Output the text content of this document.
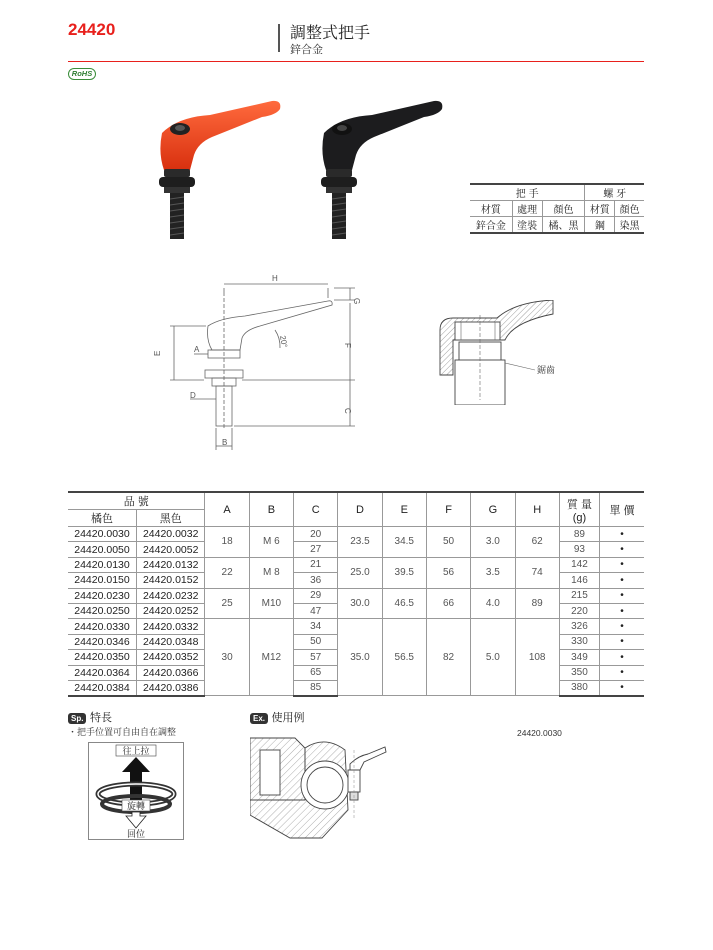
24420	調整式把手
鋅合金
RoHS
把 手			螺 牙	
材質	處理	顏色	材質	顏色
鋅合金	塗裝	橘、黑	鋼	染黑
H
G
F
C
E	A
D
B
20°
鋸齒
品 號		A	B	C	D	E	F	G	H	質 量
(g)	單 價
橘色	黑色										
24420.0030	24420.0032	18	M 6	20	23.5	34.5	50	3.0	62	89	•
24420.0050	24420.0052			27						93	•
24420.0130	24420.0132	22	M 8	21	25.0	39.5	56	3.5	74	142	•
24420.0150	24420.0152			36						146	•
24420.0230	24420.0232	25	M10	29	30.0	46.5	66	4.0	89	215	•
24420.0250	24420.0252			47						220	•
24420.0330	24420.0332	30	M12	34	35.0	56.5	82	5.0	108	326	•
24420.0346	24420.0348			50						330	•
24420.0350	24420.0352			57						349	•
24420.0364	24420.0366			65						350	•
24420.0384	24420.0386			85						380	•
Sp. 特長
・把手位置可自由自在調整
往上拉
旋轉
回位
Ex. 使用例
24420.0030
